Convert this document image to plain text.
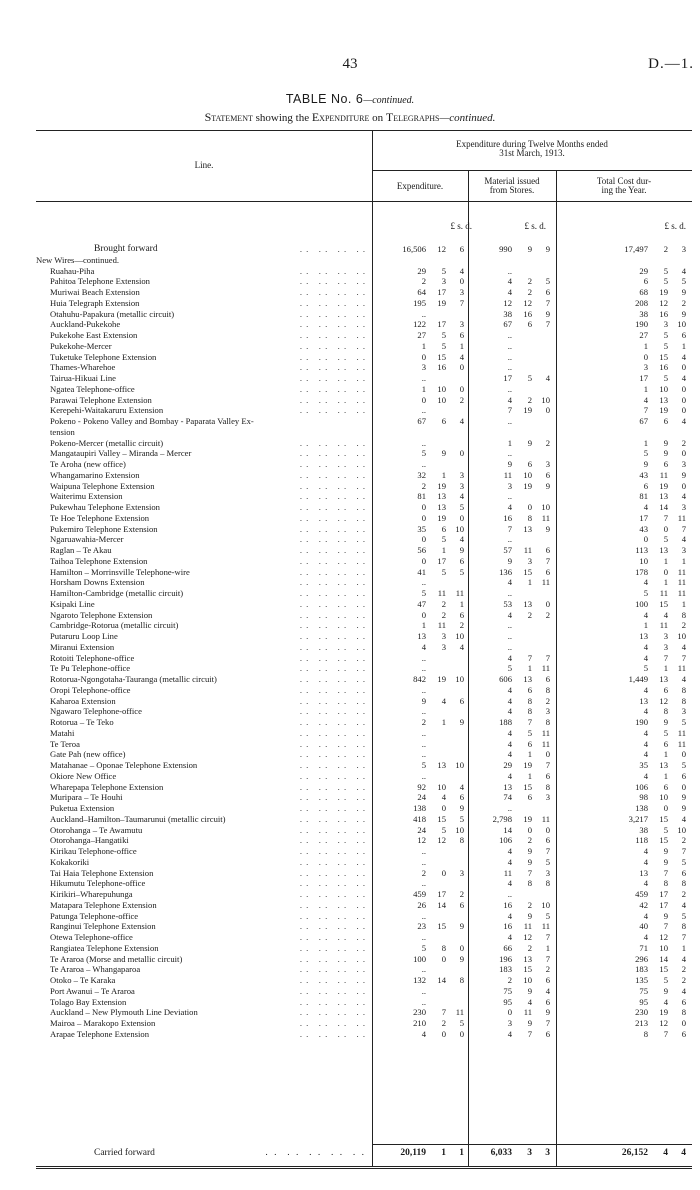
43	D.—1.
TABLE No. 6—continued.
Statement showing the Expenditure on Telegraphs—continued.
Line.
Expenditure during Twelve Months ended
31st March, 1913.
Expenditure.	Material issued
from Stores.
Total Cost dur-
ing the Year.
£ s. d.	£ s. d.	£ s. d.
Brought forward	. .   . .   . .   . .	16,506	12	6	990	9	9	17,497	2	3
New Wires—continued.
Ruahau-Piha	. .   . .   . .   . .	29	5	4	..	29	5	4
Pahitoa Telephone Extension	. .   . .   . .   . .	2	3	0	4	2	5	6	5	5
Muriwai Beach Extension	. .   . .   . .   . .	64	17	3	4	2	6	68	19	9
Huia Telegraph Extension	. .   . .   . .   . .	195	19	7	12	12	7	208	12	2
Otahuhu-Papakura (metallic circuit)	. .   . .   . .   . .	..	38	16	9	38	16	9
Auckland-Pukekohe	. .   . .   . .   . .	122	17	3	67	6	7	190	3	10
Pukekohe East Extension	. .   . .   . .   . .	27	5	6	..	27	5	6
Pukekohe-Mercer	. .   . .   . .   . .	1	5	1	..	1	5	1
Tuketuke Telephone Extension	. .   . .   . .   . .	0	15	4	..	0	15	4
Thames-Wharehoe	. .   . .   . .   . .	3	16	0	..	3	16	0
Tairua-Hikuai Line	. .   . .   . .   . .	..	17	5	4	17	5	4
Ngatea Telephone-office	. .   . .   . .   . .	1	10	0	..	1	10	0
Parawai Telephone Extension	. .   . .   . .   . .	0	10	2	4	2	10	4	13	0
Kerepehi-Waitakaruru Extension	. .   . .   . .   . .	..	7	19	0	7	19	0
Pokeno - Pokeno Valley and Bombay - Paparata Valley Ex-	67	6	4	..	67	6	4
tension
Pokeno-Mercer (metallic circuit)	. .   . .   . .   . .	..	1	9	2	1	9	2
Mangataupiri Valley – Miranda – Mercer	. .   . .   . .   . .	5	9	0	..	5	9	0
Te Aroha (new office)	. .   . .   . .   . .	..	9	6	3	9	6	3
Whangamarino Extension	. .   . .   . .   . .	32	1	3	11	10	6	43	11	9
Waipuna Telephone Extension	. .   . .   . .   . .	2	19	3	3	19	9	6	19	0
Waiterimu Extension	. .   . .   . .   . .	81	13	4	..	81	13	4
Pukewhau Telephone Extension	. .   . .   . .   . .	0	13	5	4	0	10	4	14	3
Te Hoe Telephone Extension	. .   . .   . .   . .	0	19	0	16	8	11	17	7	11
Pukemiro Telephone Extension	. .   . .   . .   . .	35	6	10	7	13	9	43	0	7
Ngaruawahia-Mercer	. .   . .   . .   . .	0	5	4	..	0	5	4
Raglan – Te Akau	. .   . .   . .   . .	56	1	9	57	11	6	113	13	3
Taihoa Telephone Extension	. .   . .   . .   . .	0	17	6	9	3	7	10	1	1
Hamilton – Morrinsville Telephone-wire	. .   . .   . .   . .	41	5	5	136	15	6	178	0	11
Horsham Downs Extension	. .   . .   . .   . .	..	4	1	11	4	1	11
Hamilton-Cambridge (metallic circuit)	. .   . .   . .   . .	5	11	11	..	5	11	11
Ksipaki Line	. .   . .   . .   . .	47	2	1	53	13	0	100	15	1
Ngaroto Telephone Extension	. .   . .   . .   . .	0	2	6	4	2	2	4	4	8
Cambridge-Rotorua (metallic circuit)	. .   . .   . .   . .	1	11	2	..	1	11	2
Putaruru Loop Line	. .   . .   . .   . .	13	3	10	..	13	3	10
Miranui Extension	. .   . .   . .   . .	4	3	4	..	4	3	4
Rotoiti Telephone-office	. .   . .   . .   . .	..	4	7	7	4	7	7
Te Pu Telephone-office	. .   . .   . .   . .	..	5	1	11	5	1	11
Rotorua-Ngongotaha-Tauranga (metallic circuit)	. .   . .   . .   . .	842	19	10	606	13	6	1,449	13	4
Oropi Telephone-office	. .   . .   . .   . .	..	4	6	8	4	6	8
Kaharoa Extension	. .   . .   . .   . .	9	4	6	4	8	2	13	12	8
Ngawaro Telephone-office	. .   . .   . .   . .	..	4	8	3	4	8	3
Rotorua – Te Teko	. .   . .   . .   . .	2	1	9	188	7	8	190	9	5
Matahi	. .   . .   . .   . .	..	4	5	11	4	5	11
Te Teroa	. .   . .   . .   . .	..	4	6	11	4	6	11
Gate Pah (new office)	. .   . .   . .   . .	..	4	1	0	4	1	0
Matahanae – Oponae Telephone Extension	. .   . .   . .   . .	5	13	10	29	19	7	35	13	5
Okiore New Office	. .   . .   . .   . .	..	4	1	6	4	1	6
Wharepapa Telephone Extension	. .   . .   . .   . .	92	10	4	13	15	8	106	6	0
Muripara – Te Houhi	. .   . .   . .   . .	24	4	6	74	6	3	98	10	9
Puketua Extension	. .   . .   . .   . .	138	0	9	..	138	0	9
Auckland–Hamilton–Taumarunui (metallic circuit)	. .   . .   . .   . .	418	15	5	2,798	19	11	3,217	15	4
Otorohanga – Te Awamutu	. .   . .   . .   . .	24	5	10	14	0	0	38	5	10
Otorohanga–Hangatiki	. .   . .   . .   . .	12	12	8	106	2	6	118	15	2
Kirikau Telephone-office	. .   . .   . .   . .	..	4	9	7	4	9	7
Kokakoriki	. .   . .   . .   . .	..	4	9	5	4	9	5
Tai Haia Telephone Extension	. .   . .   . .   . .	2	0	3	11	7	3	13	7	6
Hikumutu Telephone-office	. .   . .   . .   . .	..	4	8	8	4	8	8
Kirikiri–Wharepuhunga	. .   . .   . .   . .	459	17	2	..	459	17	2
Matapara Telephone Extension	. .   . .   . .   . .	26	14	6	16	2	10	42	17	4
Patunga Telephone-office	. .   . .   . .   . .	..	4	9	5	4	9	5
Ranginui Telephone Extension	. .   . .   . .   . .	23	15	9	16	11	11	40	7	8
Otewa Telephone-office	. .   . .   . .   . .	..	4	12	7	4	12	7
Rangiatea Telephone Extension	. .   . .   . .   . .	5	8	0	66	2	1	71	10	1
Te Araroa (Morse and metallic circuit)	. .   . .   . .   . .	100	0	9	196	13	7	296	14	4
Te Araroa – Whangaparoa	. .   . .   . .   . .	..	183	15	2	183	15	2
Otoko – Te Karaka	. .   . .   . .   . .	132	14	8	2	10	6	135	5	2
Port Awanui – Te Araroa	. .   . .   . .   . .	..	75	9	4	75	9	4
Tolago Bay Extension	. .   . .   . .   . .	..	95	4	6	95	4	6
Auckland – New Plymouth Line Deviation	. .   . .   . .   . .	230	7	11	0	11	9	230	19	8
Mairoa – Marakopo Extension	. .   . .   . .   . .	210	2	5	3	9	7	213	12	0
Arapae Telephone Extension	. .   . .   . .   . .	4	0	0	4	7	6	8	7	6
Carried forward	. .  . .  . .  . .  . .	20,119	1	1	6,033	3	3	26,152	4	4
